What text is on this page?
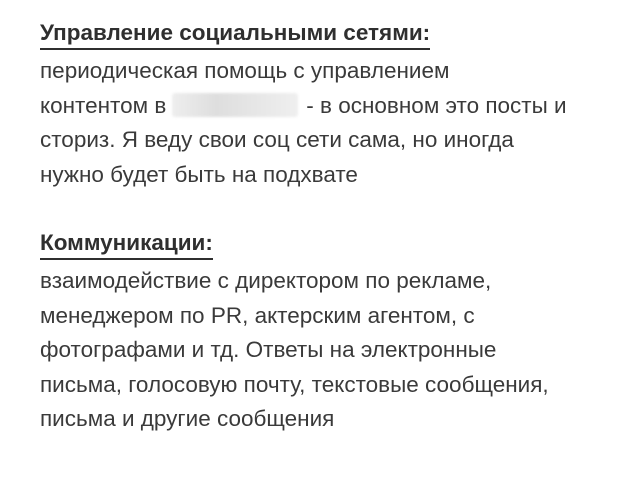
Управление социальными сетями:
периодическая помощь с управлением
контентом в	- в основном это посты и
сториз. Я веду свои соц сети сама, но иногда
нужно будет быть на подхвате
Коммуникации:
взаимодействие с директором по рекламе,
менеджером по PR, актерским агентом, с
фотографами и тд. Ответы на электронные
письма, голосовую почту, текстовые сообщения,
письма и другие сообщения
